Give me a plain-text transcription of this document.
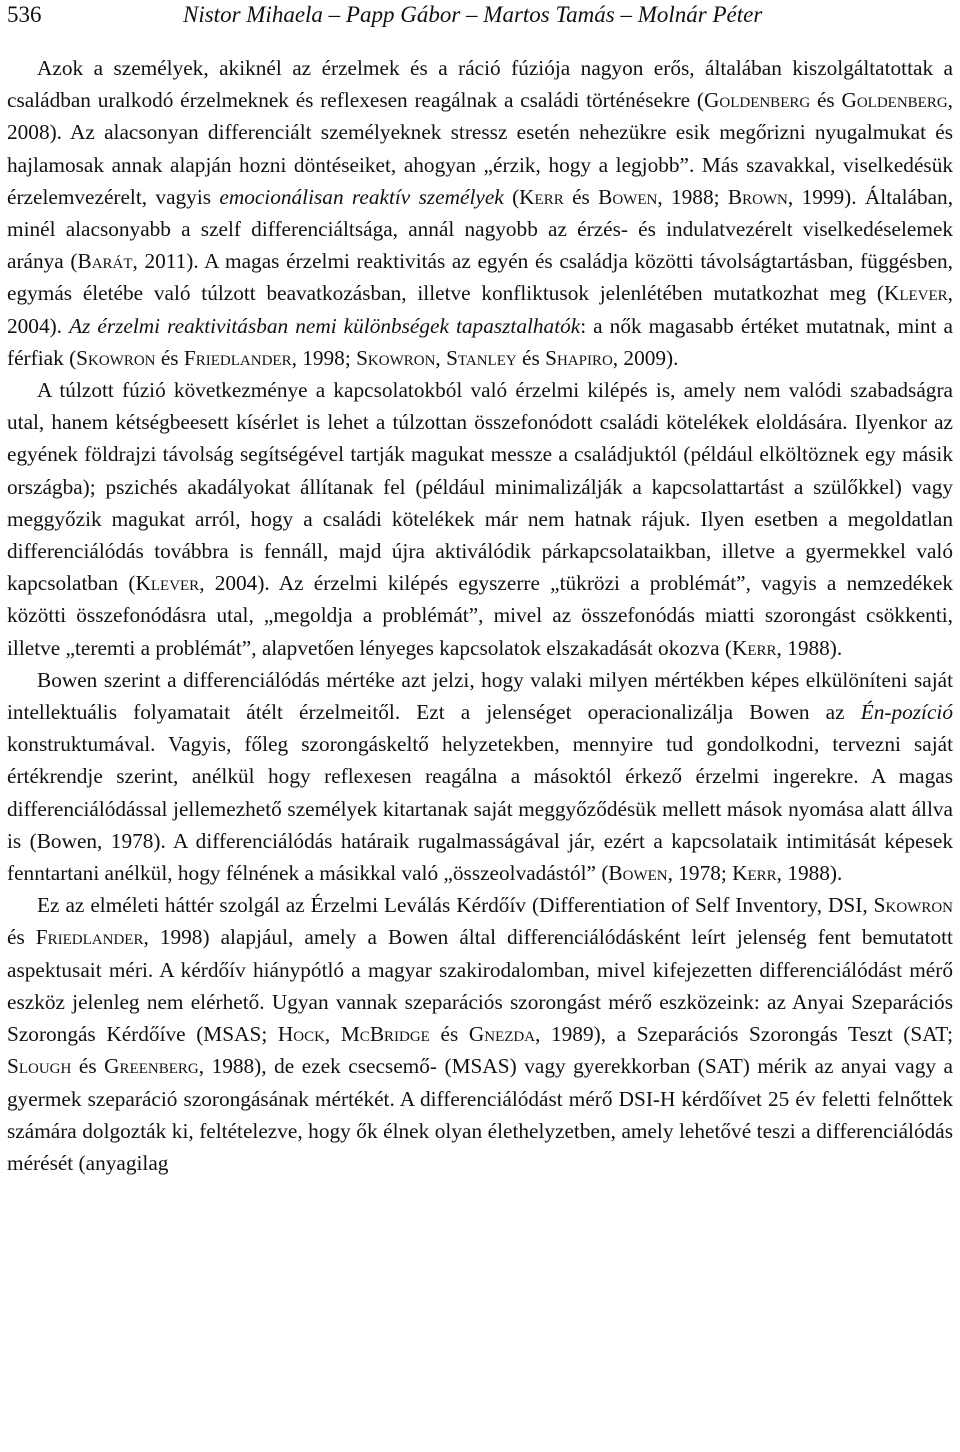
536	Nistor Mihaela – Papp Gábor – Martos Tamás – Molnár Péter

Azok a személyek, akiknél az érzelmek és a ráció fúziója nagyon erős, általában kiszolgáltatottak a családban uralkodó érzelmeknek és reflexesen reagálnak a családi történésekre (Goldenberg és Goldenberg, 2008). Az alacsonyan differenciált személyeknek stressz esetén nehezükre esik megőrizni nyugalmukat és hajlamosak annak alapján hozni döntéseiket, ahogyan „érzik, hogy a legjobb”. Más szavakkal, viselkedésük érzelemvezérelt, vagyis emocionálisan reaktív személyek (Kerr és Bowen, 1988; Brown, 1999). Általában, minél alacsonyabb a szelf differenciáltsága, annál nagyobb az érzés- és indulatvezérelt viselkedéselemek aránya (Barát, 2011). A magas érzelmi reaktivitás az egyén és családja közötti távolságtartásban, függésben, egymás életébe való túlzott beavatkozásban, illetve konfliktusok jelenlétében mutatkozhat meg (Klever, 2004). Az érzelmi reaktivitásban nemi különbségek tapasztalhatók: a nők magasabb értéket mutatnak, mint a férfiak (Skowron és Friedlander, 1998; Skowron, Stanley és Shapiro, 2009).

A túlzott fúzió következménye a kapcsolatokból való érzelmi kilépés is, amely nem valódi szabadságra utal, hanem kétségbeesett kísérlet is lehet a túlzottan összefonódott családi kötelékek eloldására. Ilyenkor az egyének földrajzi távolság segítségével tartják magukat messze a családjuktól (például elköltöznek egy másik országba); pszichés akadályokat állítanak fel (például minimalizálják a kapcsolattartást a szülőkkel) vagy meggyőzik magukat arról, hogy a családi kötelékek már nem hatnak rájuk. Ilyen esetben a megoldatlan differenciálódás továbbra is fennáll, majd újra aktiválódik párkapcsolataikban, illetve a gyermekkel való kapcsolatban (Klever, 2004). Az érzelmi kilépés egyszerre „tükrözi a problémát”, vagyis a nemzedékek közötti összefonódásra utal, „megoldja a problémát”, mivel az összefonódás miatti szorongást csökkenti, illetve „teremti a problémát”, alapvetően lényeges kapcsolatok elszakadását okozva (Kerr, 1988).

Bowen szerint a differenciálódás mértéke azt jelzi, hogy valaki milyen mértékben képes elkülöníteni saját intellektuális folyamatait átélt érzelmeitől. Ezt a jelenséget operacionalizálja Bowen az Én-pozíció konstruktumával. Vagyis, főleg szorongáskeltő helyzetekben, mennyire tud gondolkodni, tervezni saját értékrendje szerint, anélkül hogy reflexesen reagálna a másoktól érkező érzelmi ingerekre. A magas differenciálódással jellemezhető személyek kitartanak saját meggyőződésük mellett mások nyomása alatt állva is (Bowen, 1978). A differenciálódás határaik rugalmasságával jár, ezért a kapcsolataik intimitását képesek fenntartani anélkül, hogy félnének a másikkal való „összeolvadástól” (Bowen, 1978; Kerr, 1988).

Ez az elméleti háttér szolgál az Érzelmi Leválás Kérdőív (Differentiation of Self Inventory, DSI, Skowron és Friedlander, 1998) alapjául, amely a Bowen által differenciálódásként leírt jelenség fent bemutatott aspektusait méri. A kérdőív hiánypótló a magyar szakirodalomban, mivel kifejezetten differenciálódást mérő eszköz jelenleg nem elérhető. Ugyan vannak szeparációs szorongást mérő eszközeink: az Anyai Szeparációs Szorongás Kérdőíve (MSAS; Hock, McBridge és Gnezda, 1989), a Szeparációs Szorongás Teszt (SAT; Slough és Greenberg, 1988), de ezek csecsemő- (MSAS) vagy gyerekkorban (SAT) mérik az anyai vagy a gyermek szeparáció szorongásának mértékét. A differenciálódást mérő DSI-H kérdőívet 25 év feletti felnőttek számára dolgozták ki, feltételezve, hogy ők élnek olyan élethelyzetben, amely lehetővé teszi a differenciálódás mérését (anyagilag
